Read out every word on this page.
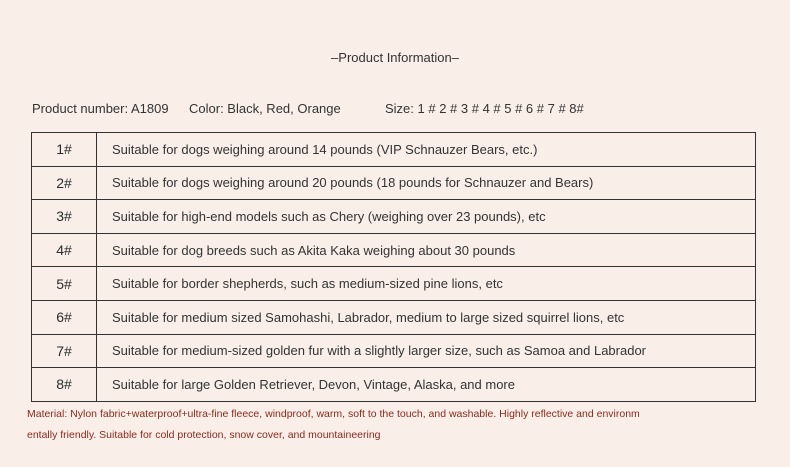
–Product Information–
Product number: A1809 Color: Black, Red, Orange	Size: 1 # 2 # 3 # 4 # 5 # 6 # 7 # 8#
1#	Suitable for dogs weighing around 14 pounds (VIP Schnauzer Bears, etc.)
2#	Suitable for dogs weighing around 20 pounds (18 pounds for Schnauzer and Bears)
3#	Suitable for high-end models such as Chery (weighing over 23 pounds), etc
4#	Suitable for dog breeds such as Akita Kaka weighing about 30 pounds
5#	Suitable for border shepherds, such as medium-sized pine lions, etc
6#	Suitable for medium sized Samohashi, Labrador, medium to large sized squirrel lions, etc
7#	Suitable for medium-sized golden fur with a slightly larger size, such as Samoa and Labrador
8#	Suitable for large Golden Retriever, Devon, Vintage, Alaska, and more
Material: Nylon fabric+waterproof+ultra-fine fleece, windproof, warm, soft to the touch, and washable. Highly reflective and environm
entally friendly. Suitable for cold protection, snow cover, and mountaineering
